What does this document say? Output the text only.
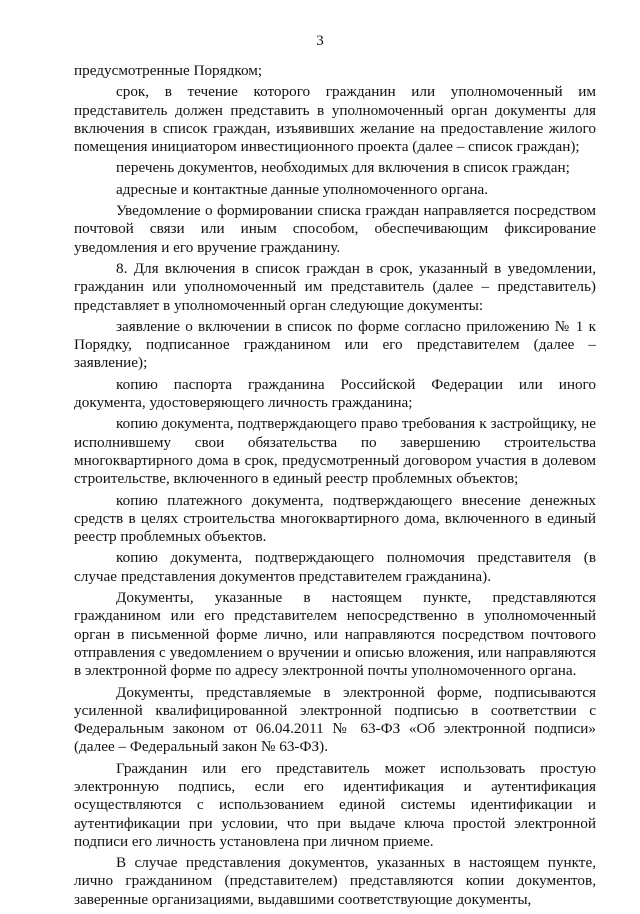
3

предусмотренные Порядком;

срок, в течение которого гражданин или уполномоченный им представитель должен представить в уполномоченный орган документы для включения в список граждан, изъявивших желание на предоставление жилого помещения инициатором инвестиционного проекта (далее – список граждан);

перечень документов, необходимых для включения в список граждан;

адресные и контактные данные уполномоченного органа.

Уведомление о формировании списка граждан направляется посредством почтовой связи или иным способом, обеспечивающим фиксирование уведомления и его вручение гражданину.

8. Для включения в список граждан в срок, указанный в уведомлении, гражданин или уполномоченный им представитель (далее – представитель) представляет в уполномоченный орган следующие документы:

заявление о включении в список по форме согласно приложению № 1 к Порядку, подписанное гражданином или его представителем (далее – заявление);

копию паспорта гражданина Российской Федерации или иного документа, удостоверяющего личность гражданина;

копию документа, подтверждающего право требования к застройщику, не исполнившему свои обязательства по завершению строительства многоквартирного дома в срок, предусмотренный договором участия в долевом строительстве, включенного в единый реестр проблемных объектов;

копию платежного документа, подтверждающего внесение денежных средств в целях строительства многоквартирного дома, включенного в единый реестр проблемных объектов.

копию документа, подтверждающего полномочия представителя (в случае представления документов представителем гражданина).

Документы, указанные в настоящем пункте, представляются гражданином или его представителем непосредственно в уполномоченный орган в письменной форме лично, или направляются посредством почтового отправления с уведомлением о вручении и описью вложения, или направляются в электронной форме по адресу электронной почты уполномоченного органа.

Документы, представляемые в электронной форме, подписываются усиленной квалифицированной электронной подписью в соответствии с Федеральным законом от 06.04.2011 № 63-ФЗ «Об электронной подписи» (далее – Федеральный закон № 63-ФЗ).

Гражданин или его представитель может использовать простую электронную подпись, если его идентификация и аутентификация осуществляются с использованием единой системы идентификации и аутентификации при условии, что при выдаче ключа простой электронной подписи его личность установлена при личном приеме.

В случае представления документов, указанных в настоящем пункте, лично гражданином (представителем) представляются копии документов, заверенные организациями, выдавшими соответствующие документы,
